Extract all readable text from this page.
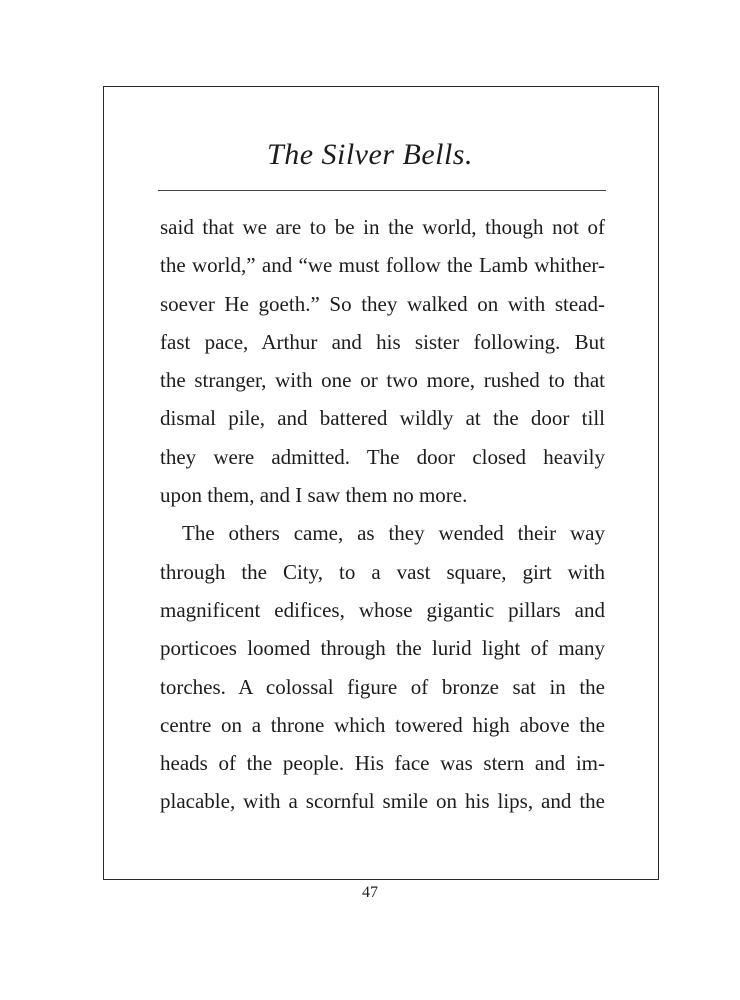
The Silver Bells.
said that we are to be in the world, though not of
the world,” and “we must follow the Lamb whither-
soever He goeth.” So they walked on with stead-
fast pace, Arthur and his sister following. But
the stranger, with one or two more, rushed to that
dismal pile, and battered wildly at the door till
they were admitted. The door closed heavily
upon them, and I saw them no more.
The others came, as they wended their way
through the City, to a vast square, girt with
magnificent edifices, whose gigantic pillars and
porticoes loomed through the lurid light of many
torches. A colossal figure of bronze sat in the
centre on a throne which towered high above the
heads of the people. His face was stern and im-
placable, with a scornful smile on his lips, and the
47
